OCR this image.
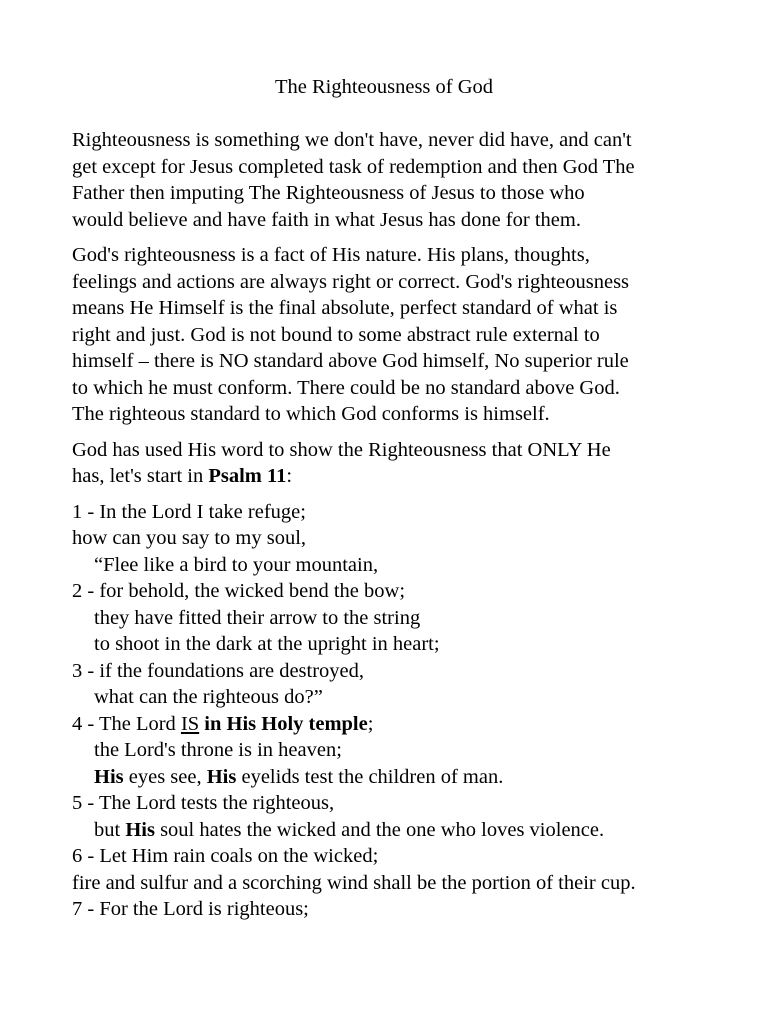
The Righteousness of God
Righteousness is something we don't have, never did have, and can't
get except for Jesus completed task of redemption and then God The
Father then imputing The Righteousness of Jesus to those who
would believe and have faith in what Jesus has done for them.
God's righteousness is a fact of His nature. His plans, thoughts,
feelings and actions are always right or correct. God's righteousness
means He Himself is the final absolute, perfect standard of what is
right and just. God is not bound to some abstract rule external to
himself – there is NO standard above God himself, No superior rule
to which he must conform. There could be no standard above God.
The righteous standard to which God conforms is himself.
God has used His word to show the Righteousness that ONLY He
has, let's start in Psalm 11:
1 - In the Lord I take refuge;
how can you say to my soul,
“Flee like a bird to your mountain,
2 - for behold, the wicked bend the bow;
they have fitted their arrow to the string
to shoot in the dark at the upright in heart;
3 - if the foundations are destroyed,
what can the righteous do?”
4 - The Lord IS in His Holy temple;
the Lord's throne is in heaven;
His eyes see, His eyelids test the children of man.
5 - The Lord tests the righteous,
but His soul hates the wicked and the one who loves violence.
6 - Let Him rain coals on the wicked;
fire and sulfur and a scorching wind shall be the portion of their cup.
7 - For the Lord is righteous;
